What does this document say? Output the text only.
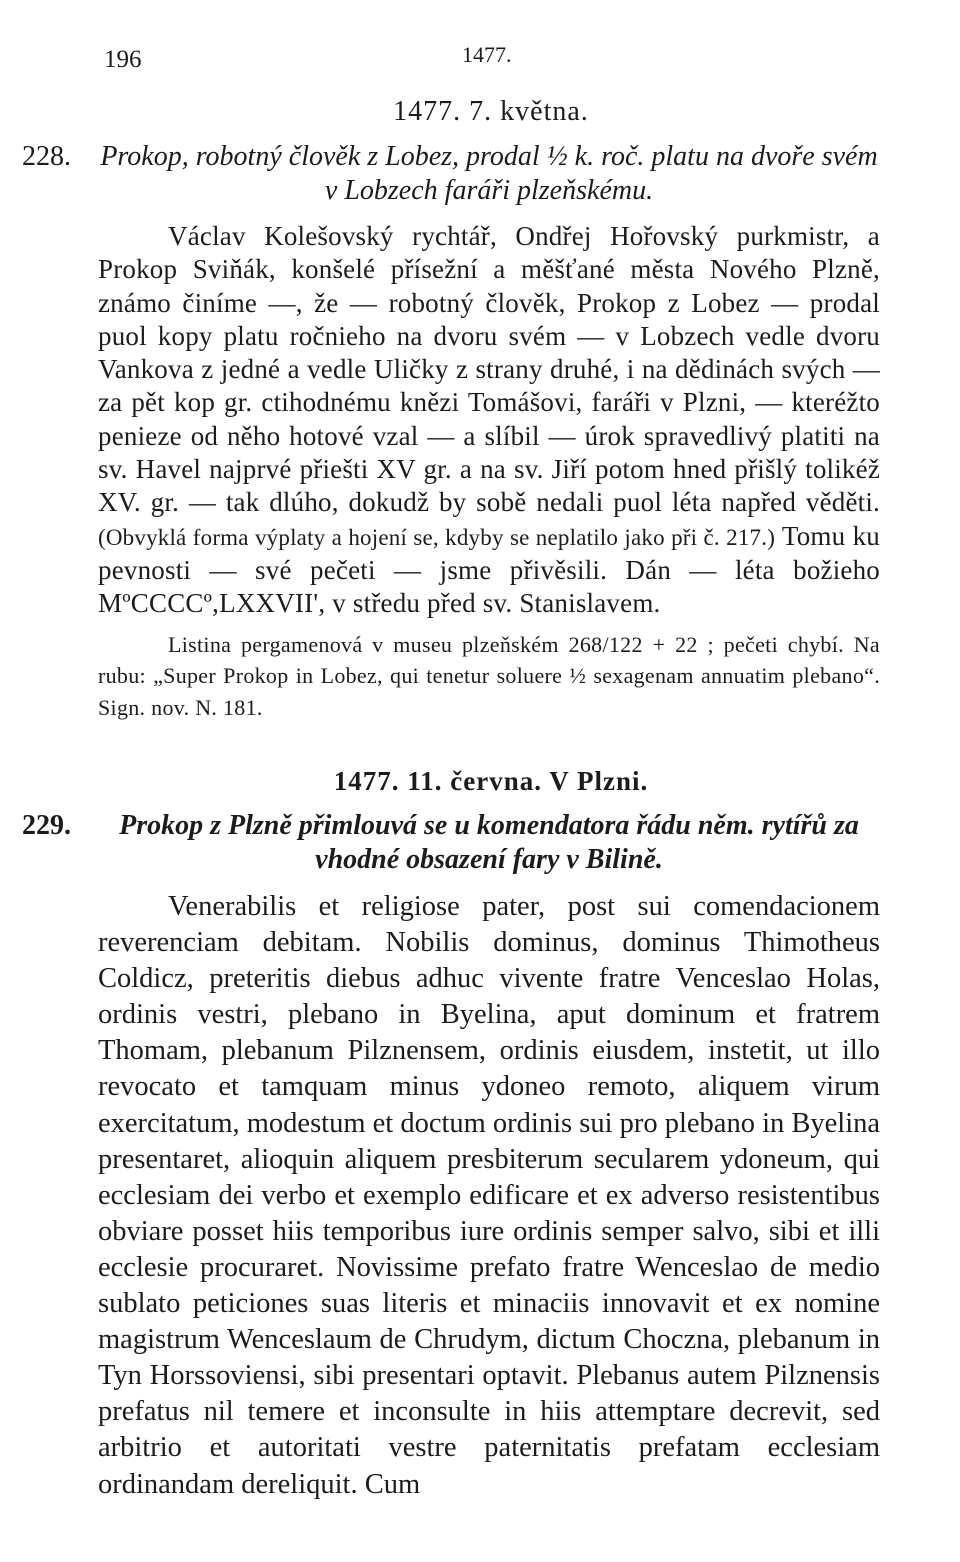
196	1477.
1477. 7. května.
228. Prokop, robotný člověk z Lobez, prodal ½ k. roč. platu na dvoře svém v Lobzech faráři plzeňskému.
Václav Kolešovský rychtář, Ondřej Hořovský purkmistr, a Prokop Sviňák, konšelé přísežní a měšťané města Nového Plzně, známo činíme —, že — robotný člověk, Prokop z Lobez — prodal puol kopy platu ročnieho na dvoru svém — v Lobzech vedle dvoru Vankova z jedné a vedle Uličky z strany druhé, i na dědinách svých — za pět kop gr. ctihodnému knězi Tomášovi, faráři v Plzni, — kteréžto penieze od něho hotové vzal — a slíbil — úrok spravedlivý platiti na sv. Havel najprvé přiešti XV gr. a na sv. Jiří potom hned přišlý tolikéž XV. gr. — tak dlúho, dokudž by sobě nedali puol léta napřed věděti. (Obvyklá forma výplaty a hojení se, kdyby se neplatilo jako při č. 217.) Tomu ku pevnosti — své pečeti — jsme přivěsili. Dán — léta božieho MºCCCCº,LXXVII', v středu před sv. Stanislavem.
Listina pergamenová v museu plzeňském 268/122 + 22 ; pečeti chybí. Na rubu: „Super Prokop in Lobez, qui tenetur soluere ½ sexagenam annuatim plebano“. Sign. nov. N. 181.
1477. 11. června. V Plzni.
229. Prokop z Plzně přimlouvá se u komendatora řádu něm. rytířů za vhodné obsazení fary v Bilině.
Venerabilis et religiose pater, post sui comendacionem reverenciam debitam. Nobilis dominus, dominus Thimotheus Coldicz, preteritis diebus adhuc vivente fratre Venceslao Holas, ordinis vestri, plebano in Byelina, aput dominum et fratrem Thomam, plebanum Pilznensem, ordinis eiusdem, instetit, ut illo revocato et tamquam minus ydoneo remoto, aliquem virum exercitatum, modestum et doctum ordinis sui pro plebano in Byelina presentaret, alioquin aliquem presbiterum secularem ydoneum, qui ecclesiam dei verbo et exemplo edificare et ex adverso resistentibus obviare posset hiis temporibus iure ordinis semper salvo, sibi et illi ecclesie procuraret. Novissime prefato fratre Wenceslao de medio sublato peticiones suas literis et minaciis innovavit et ex nomine magistrum Wenceslaum de Chrudym, dictum Choczna, plebanum in Tyn Horssoviensi, sibi presentari optavit. Plebanus autem Pilznensis prefatus nil temere et inconsulte in hiis attemptare decrevit, sed arbitrio et autoritati vestre paternitatis prefatam ecclesiam ordinandam dereliquit. Cum
